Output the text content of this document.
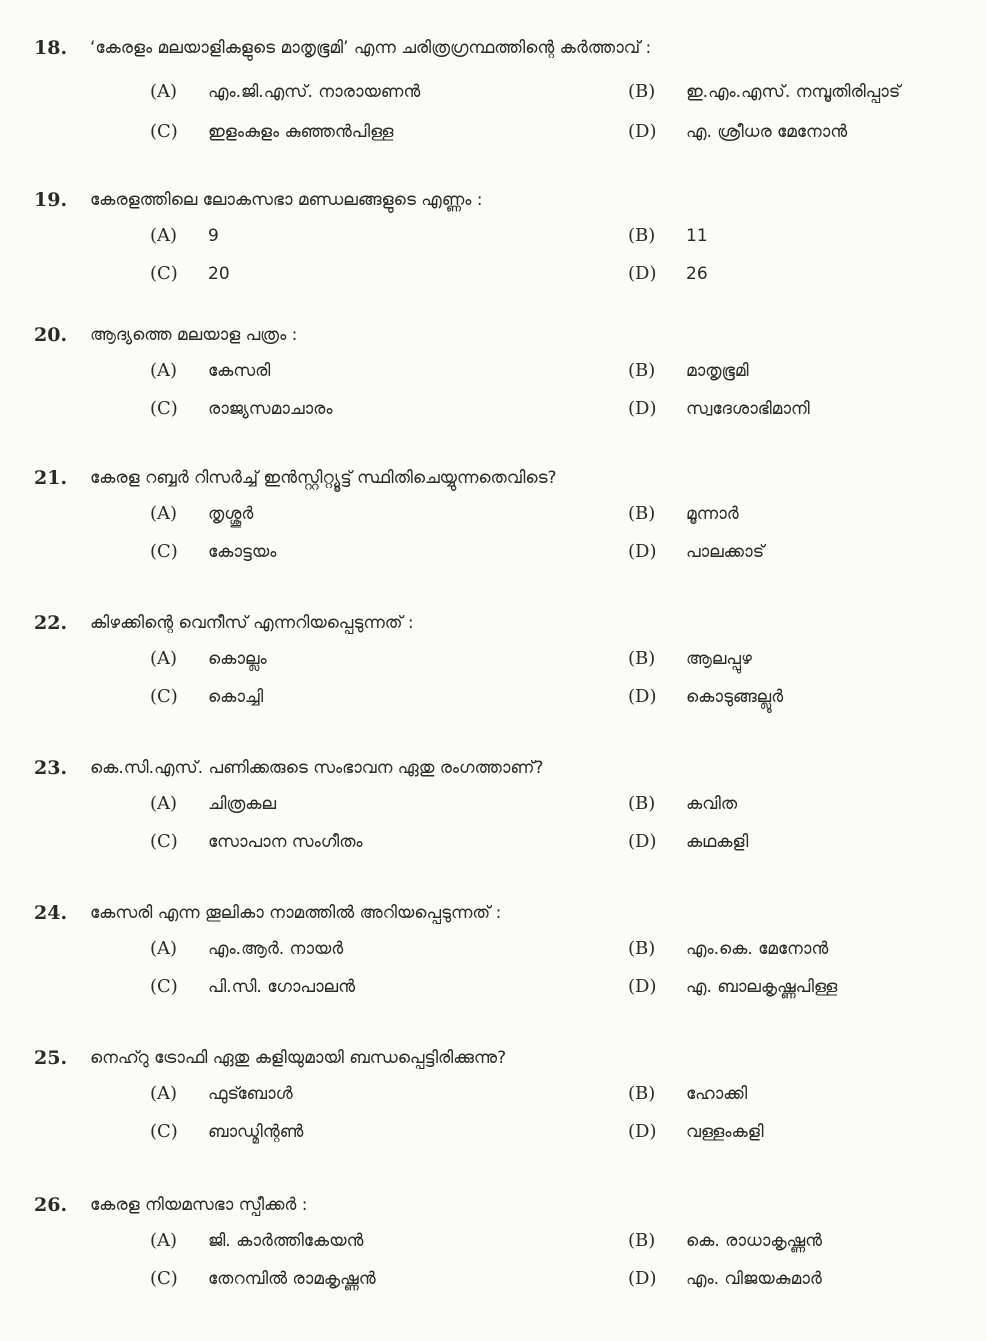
18. ‘കേരളം മലയാളികളുടെ മാതൃഭൂമി’ എന്ന ചരിത്രഗ്രന്ഥത്തിന്റെ കർത്താവ് :
(A) എം.ജി.എസ്. നാരായണൻ	(B) ഇ.എം.എസ്. നമ്പൂതിരിപ്പാട്
(C) ഇളംകുളം കുഞ്ഞൻപിള്ള	(D) എ. ശ്രീധര മേനോൻ
19. കേരളത്തിലെ ലോകസഭാ മണ്ഡലങ്ങളുടെ എണ്ണം :
(A) 9	(B) 11
(C) 20	(D) 26
20. ആദ്യത്തെ മലയാള പത്രം :
(A) കേസരി	(B) മാതൃഭൂമി
(C) രാജ്യസമാചാരം	(D) സ്വദേശാഭിമാനി
21. കേരള റബ്ബർ റിസർച്ച് ഇൻസ്റ്റിറ്റ്യൂട്ട് സ്ഥിതിചെയ്യുന്നതെവിടെ?
(A) തൃശ്ശൂർ	(B) മൂന്നാർ
(C) കോട്ടയം	(D) പാലക്കാട്
22. കിഴക്കിന്റെ വെനീസ് എന്നറിയപ്പെടുന്നത് :
(A) കൊല്ലം	(B) ആലപ്പുഴ
(C) കൊച്ചി	(D) കൊടുങ്ങല്ലൂർ
23. കെ.സി.എസ്. പണിക്കരുടെ സംഭാവന ഏതു രംഗത്താണ്?
(A) ചിത്രകല	(B) കവിത
(C) സോപാന സംഗീതം	(D) കഥകളി
24. കേസരി എന്ന തൂലികാ നാമത്തിൽ അറിയപ്പെടുന്നത് :
(A) എം.ആർ. നായർ	(B) എം.കെ. മേനോൻ
(C) പി.സി. ഗോപാലൻ	(D) എ. ബാലകൃഷ്ണപിള്ള
25. നെഹ്റു ട്രോഫി ഏതു കളിയുമായി ബന്ധപ്പെട്ടിരിക്കുന്നു?
(A) ഫുട്ബോൾ	(B) ഹോക്കി
(C) ബാഡ്മിന്റൺ	(D) വള്ളംകളി
26. കേരള നിയമസഭാ സ്പീക്കർ :
(A) ജി. കാർത്തികേയൻ	(B) കെ. രാധാകൃഷ്ണൻ
(C) തേറമ്പിൽ രാമകൃഷ്ണൻ	(D) എം. വിജയകുമാർ
